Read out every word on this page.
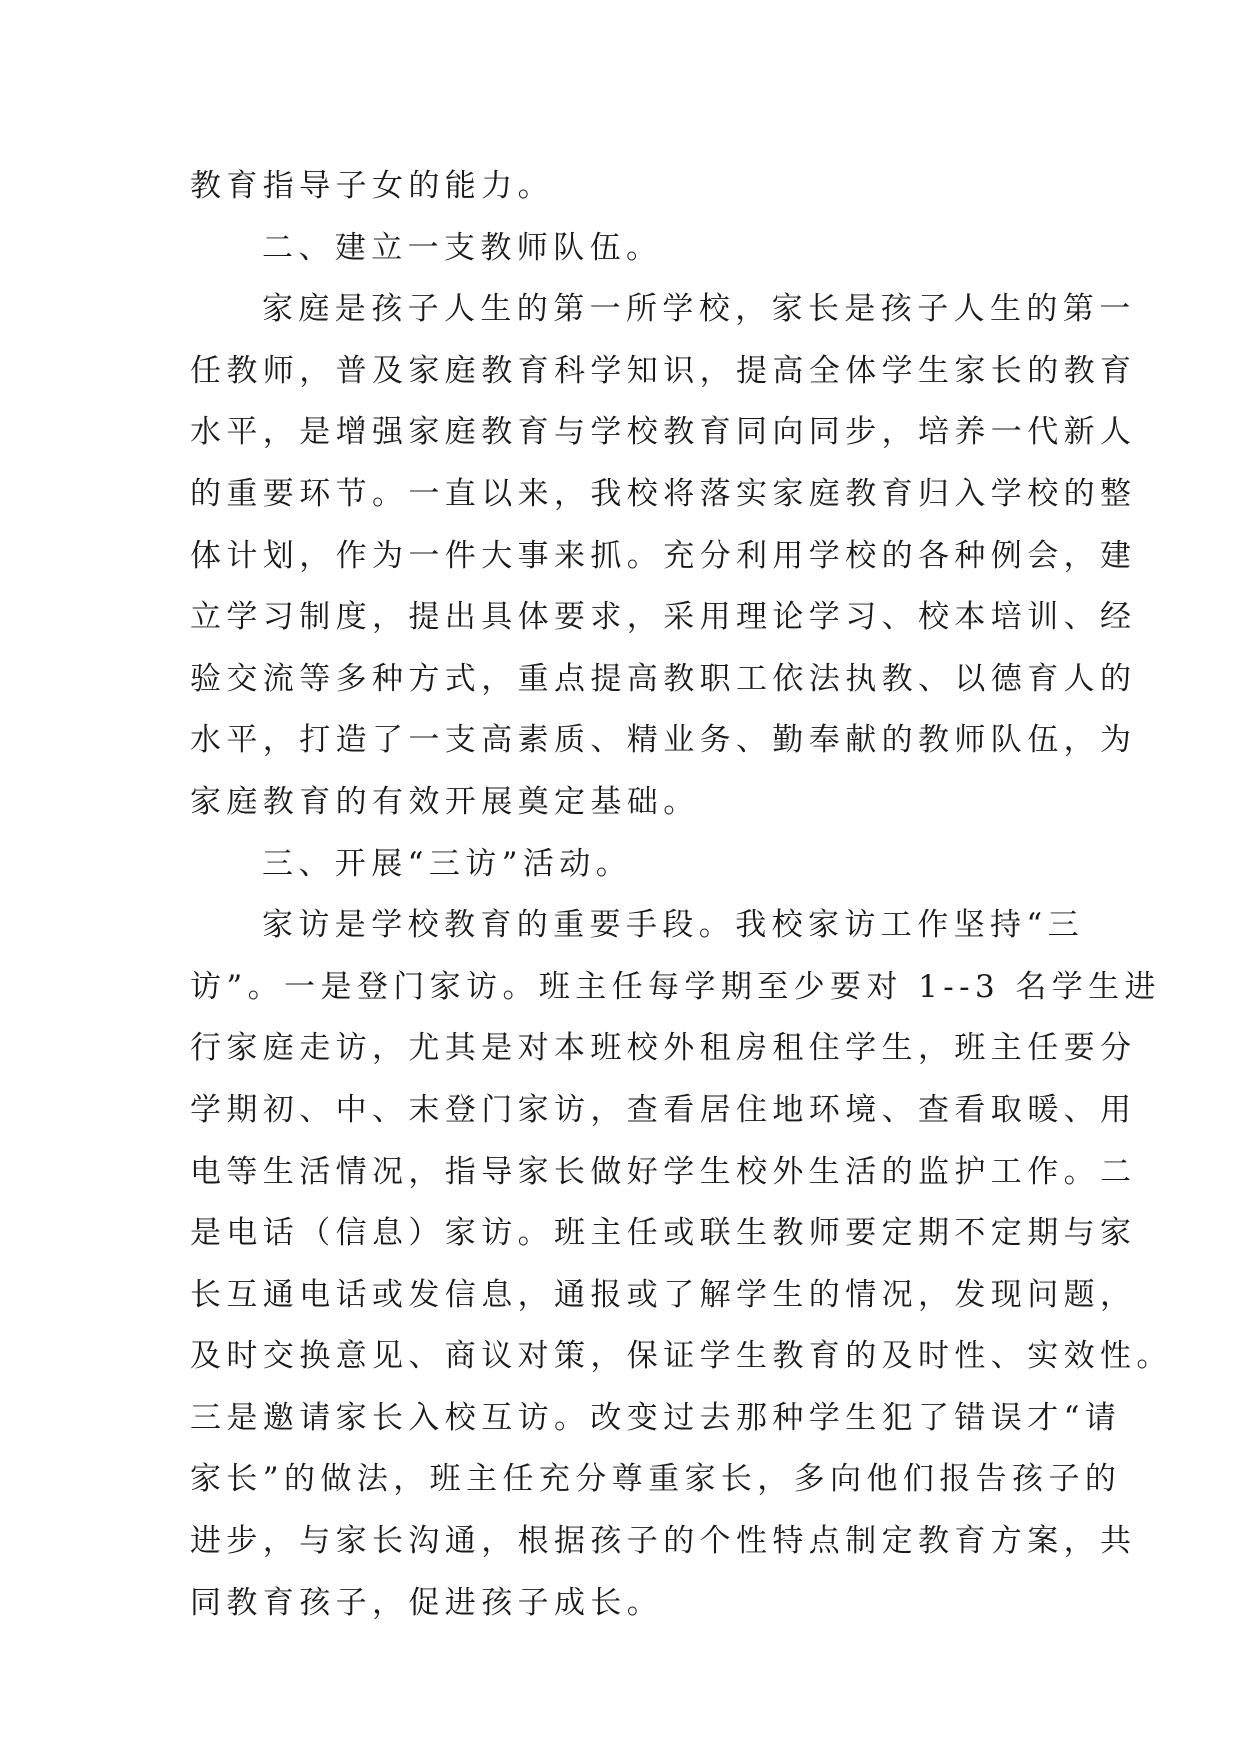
教育指导子女的能力。
二、建立一支教师队伍。
家庭是孩子人生的第一所学校，家长是孩子人生的第一
任教师，普及家庭教育科学知识，提高全体学生家长的教育
水平，是增强家庭教育与学校教育同向同步，培养一代新人
的重要环节。一直以来，我校将落实家庭教育归入学校的整
体计划，作为一件大事来抓。充分利用学校的各种例会，建
立学习制度，提出具体要求，采用理论学习、校本培训、经
验交流等多种方式，重点提高教职工依法执教、以德育人的
水平，打造了一支高素质、精业务、勤奉献的教师队伍，为
家庭教育的有效开展奠定基础。
三、开展“三访”活动。
家访是学校教育的重要手段。我校家访工作坚持“三
访”。一是登门家访。班主任每学期至少要对 1--3 名学生进
行家庭走访，尤其是对本班校外租房租住学生，班主任要分
学期初、中、末登门家访，查看居住地环境、查看取暖、用
电等生活情况，指导家长做好学生校外生活的监护工作。二
是电话（信息）家访。班主任或联生教师要定期不定期与家
长互通电话或发信息，通报或了解学生的情况，发现问题，
及时交换意见、商议对策，保证学生教育的及时性、实效性。
三是邀请家长入校互访。改变过去那种学生犯了错误才“请
家长”的做法，班主任充分尊重家长，多向他们报告孩子的
进步，与家长沟通，根据孩子的个性特点制定教育方案，共
同教育孩子，促进孩子成长。
